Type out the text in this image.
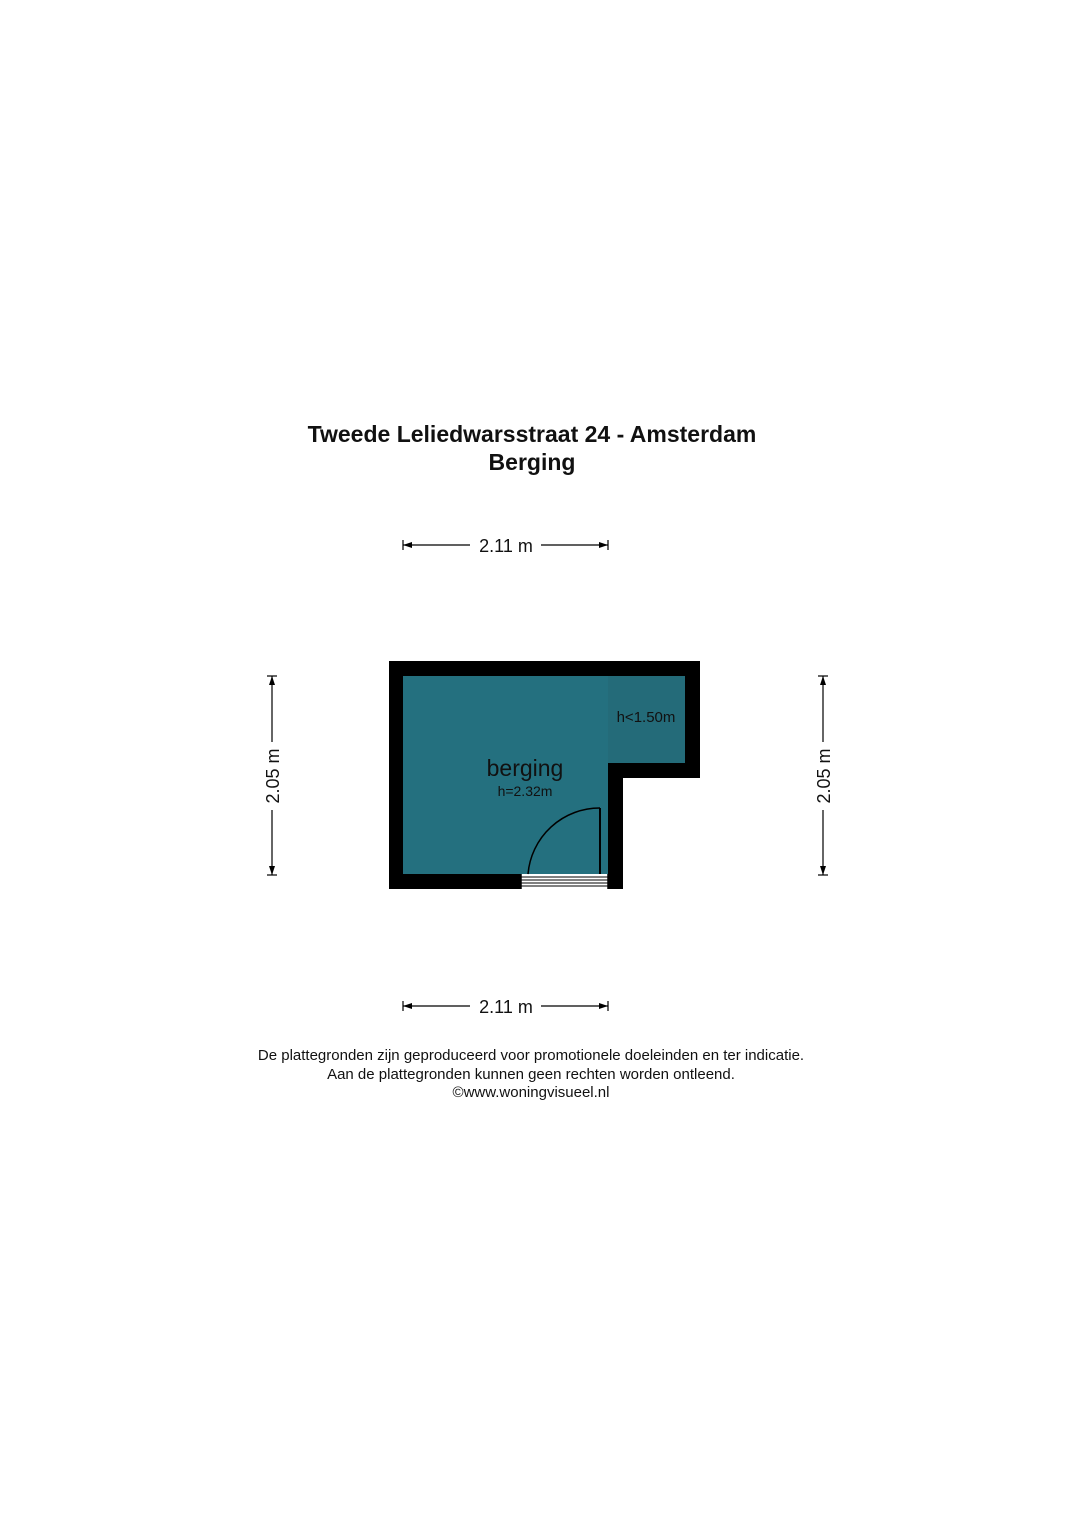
Tweede Leliedwarsstraat 24 - Amsterdam
Berging
berging
h=2.32m
h<1.50m
2.11 m
2.11 m
2.05 m	2.05 m
De plattegronden zijn geproduceerd voor promotionele doeleinden en ter indicatie.
Aan de plattegronden kunnen geen rechten worden ontleend.
©www.woningvisueel.nl
